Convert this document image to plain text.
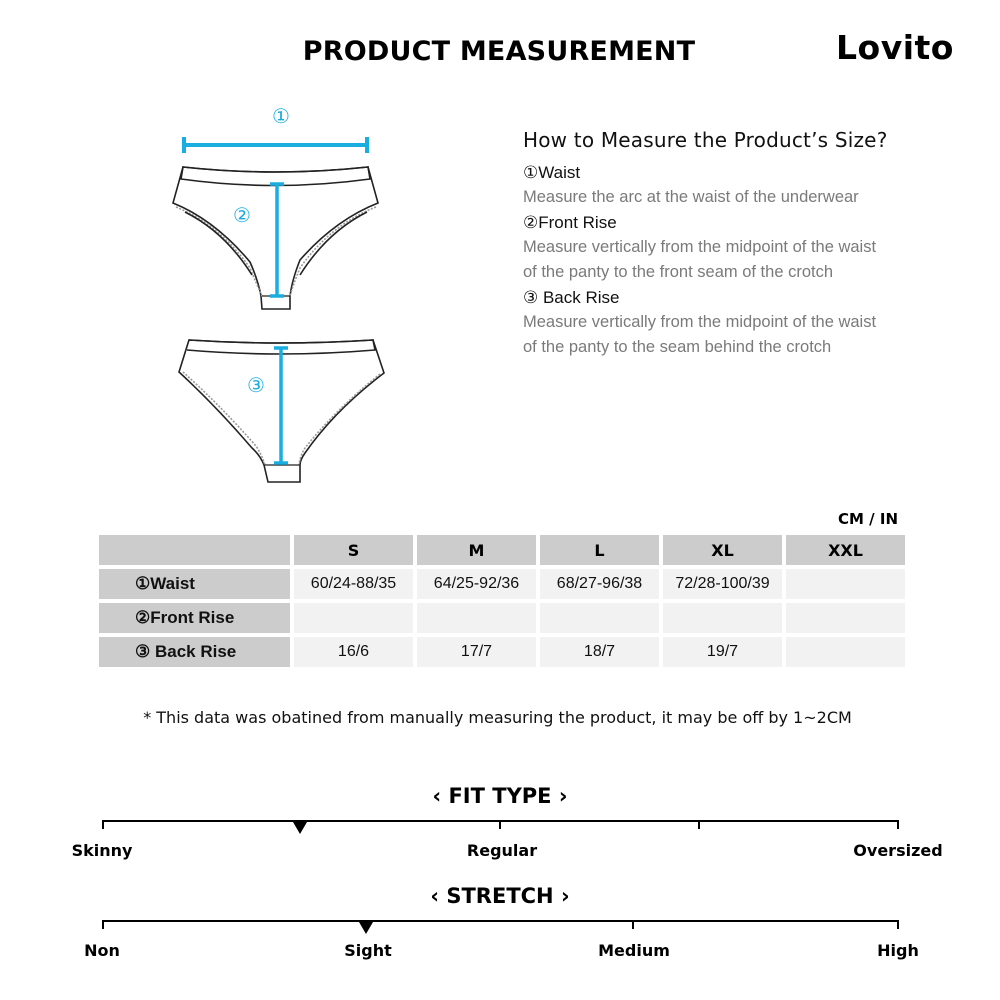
PRODUCT MEASUREMENT	Lovito
①
②
③
How to Measure the Product’s Size?
①Waist
Measure the arc at the waist of the underwear
②Front Rise
Measure vertically from the midpoint of the waist
of the panty to the front seam of the crotch
③ Back Rise
Measure vertically from the midpoint of the waist
of the panty to the seam behind the crotch
CM / IN
	S	M	L	XL	XXL
①Waist	60/24-88/35	64/25-92/36	68/27-96/38	72/28-100/39	
②Front Rise					
③ Back Rise	16/6	17/7	18/7	19/7	
* This data was obatined from manually measuring the product, it may be off by 1~2CM
‹ FIT TYPE ›
Skinny	Regular	Oversized
‹ STRETCH ›
Non	Sight	Medium	High
